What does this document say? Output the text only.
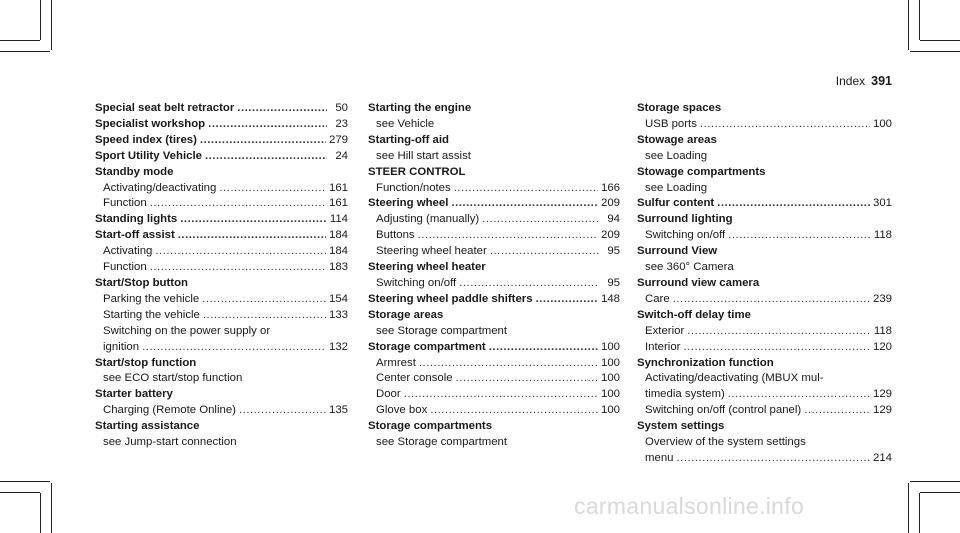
Index 391
Special seat belt retractor .....	50
Specialist workshop .....	23
Speed index (tires) .....	279
Sport Utility Vehicle .....	24
Standby mode
Activating/deactivating .....	161
Function .....	161
Standing lights .....	114
Start-off assist .....	184
Activating .....	184
Function .....	183
Start/Stop button
Parking the vehicle .....	154
Starting the vehicle .....	133
Switching on the power supply or
ignition .....	132
Start/stop function
see ECO start/stop function
Starter battery
Charging (Remote Online) .....	135
Starting assistance
see Jump-start connection
Starting the engine
see Vehicle
Starting-off aid
see Hill start assist
STEER CONTROL
Function/notes .....	166
Steering wheel .....	209
Adjusting (manually) .....	94
Buttons .....	209
Steering wheel heater .....	95
Steering wheel heater
Switching on/off .....	95
Steering wheel paddle shifters .....	148
Storage areas
see Storage compartment
Storage compartment .....	100
Armrest .....	100
Center console .....	100
Door .....	100
Glove box .....	100
Storage compartments
see Storage compartment
Storage spaces
USB ports .....	100
Stowage areas
see Loading
Stowage compartments
see Loading
Sulfur content .....	301
Surround lighting
Switching on/off .....	118
Surround View
see 360° Camera
Surround view camera
Care .....	239
Switch-off delay time
Exterior .....	118
Interior .....	120
Synchronization function
Activating/deactivating (MBUX mul-
timedia system) .....	129
Switching on/off (control panel) .....	129
System settings
Overview of the system settings
menu .....	214
carmanualsonline.info
